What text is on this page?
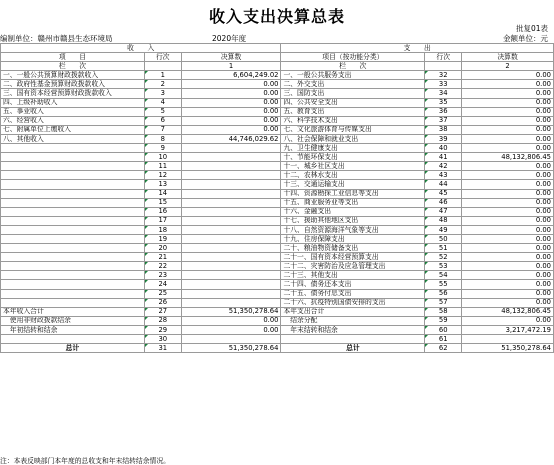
收入支出决算总表
批复01表
编制单位：赣州市赣县生态环境局	2020年度	金额单位：元
收　　入			支　　出		
项　　目	行次	决算数	项目（按功能分类）	行次	决算数
栏　　次		1	栏　　次		2
一、一般公共预算财政拨款收入	1	6,604,249.02	一、一般公共服务支出	32	0.00
二、政府性基金预算财政拨款收入	2	0.00	二、外交支出	33	0.00
三、国有资本经营预算财政拨款收入	3	0.00	三、国防支出	34	0.00
四、上级补助收入	4	0.00	四、公共安全支出	35	0.00
五、事业收入	5	0.00	五、教育支出	36	0.00
六、经营收入	6	0.00	六、科学技术支出	37	0.00
七、附属单位上缴收入	7	0.00	七、文化旅游体育与传媒支出	38	0.00
八、其他收入	8	44,746,029.62	八、社会保障和就业支出	39	0.00
	9		九、卫生健康支出	40	0.00
	10		十、节能环保支出	41	48,132,806.45
	11		十一、城乡社区支出	42	0.00
	12		十二、农林水支出	43	0.00
	13		十三、交通运输支出	44	0.00
	14		十四、资源勘探工业信息等支出	45	0.00
	15		十五、商业服务业等支出	46	0.00
	16		十六、金融支出	47	0.00
	17		十七、援助其他地区支出	48	0.00
	18		十八、自然资源海洋气象等支出	49	0.00
	19		十九、住房保障支出	50	0.00
	20		二十、粮油物资储备支出	51	0.00
	21		二十一、国有资本经营预算支出	52	0.00
	22		二十二、灾害防治及应急管理支出	53	0.00
	23		二十三、其他支出	54	0.00
	24		二十四、债务还本支出	55	0.00
	25		二十五、债务付息支出	56	0.00
	26		二十六、抗疫特别国债安排的支出	57	0.00
本年收入合计	27	51,350,278.64	本年支出合计	58	48,132,806.45
　使用非财政拨款结余	28	0.00	　结余分配	59	0.00
　年初结转和结余	29	0.00	　年末结转和结余	60	3,217,472.19
	30			61	
总计	31	51,350,278.64	总计	62	51,350,278.64
注：本表反映部门本年度的总收支和年末结转结余情况。
